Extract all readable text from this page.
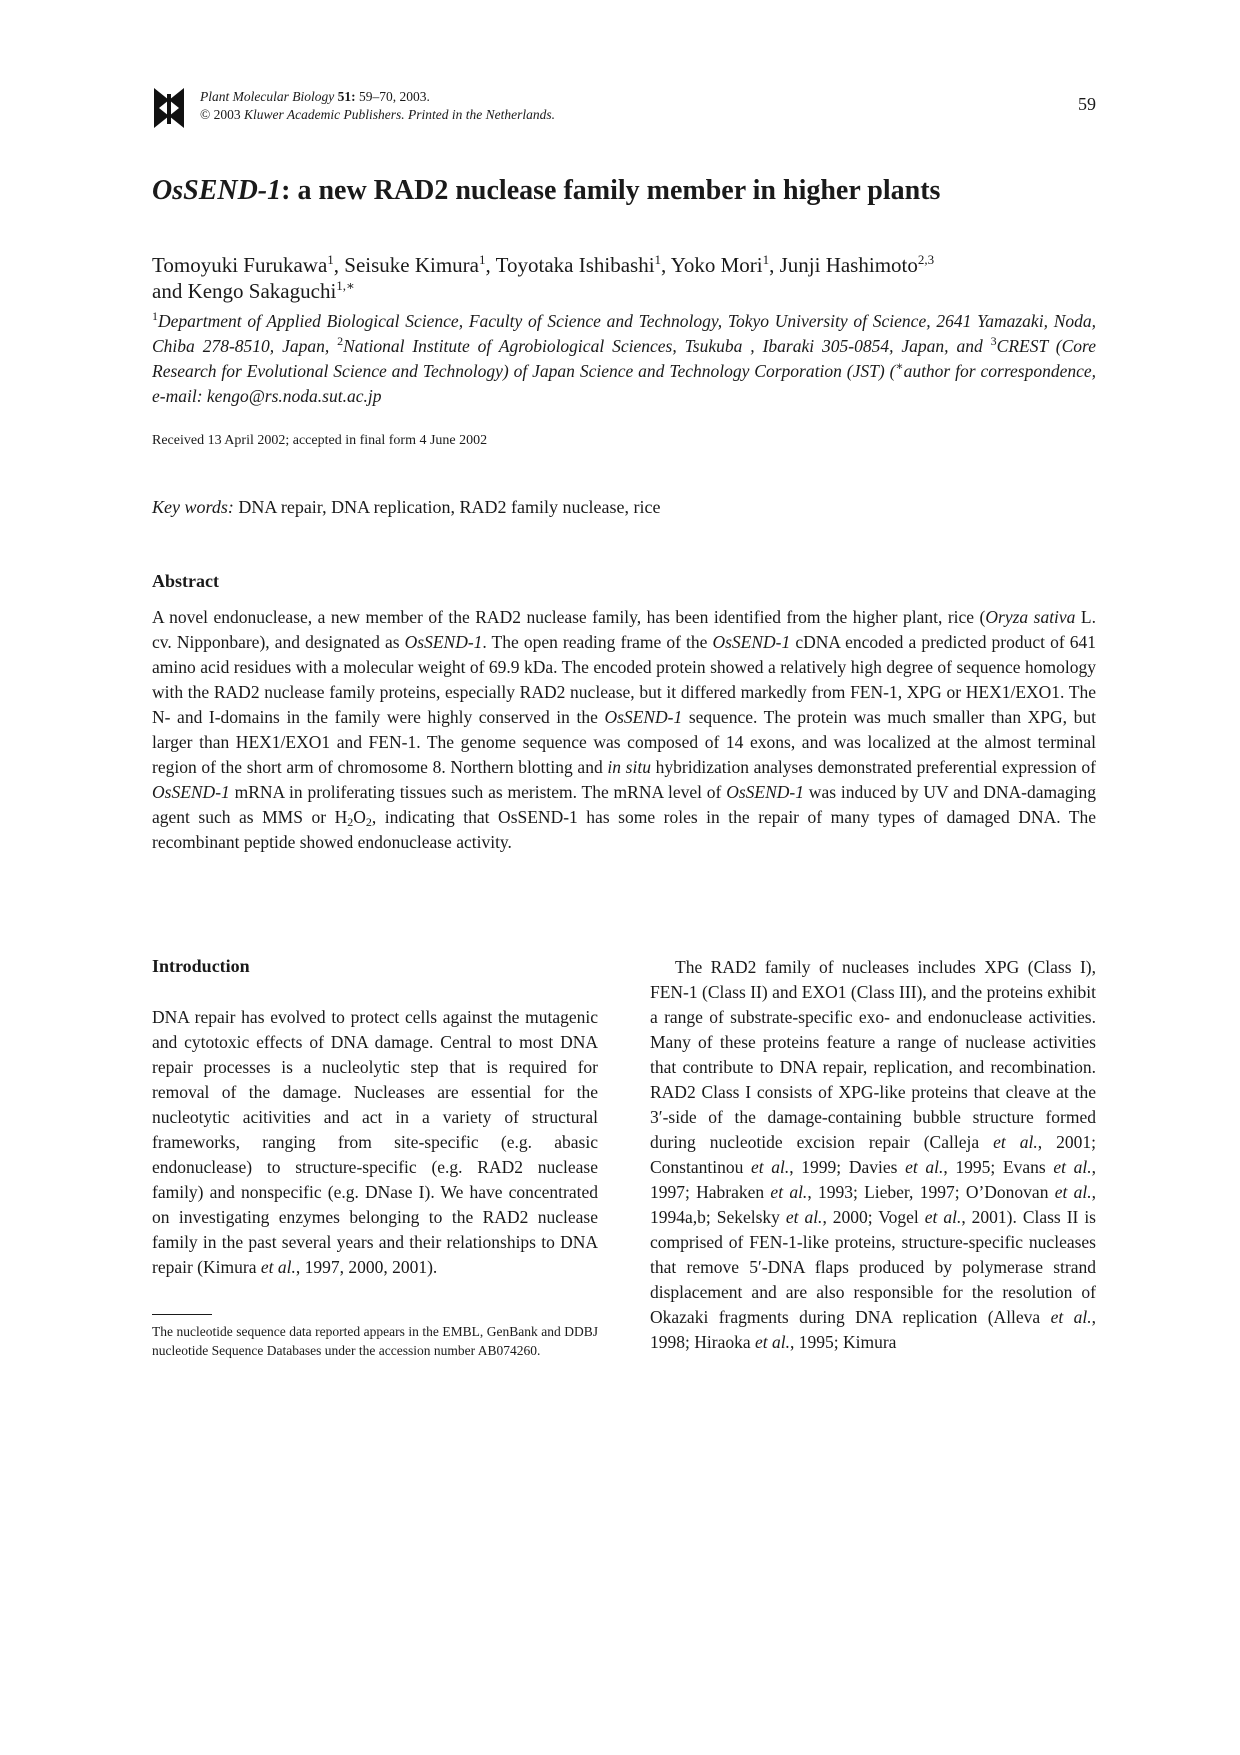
Plant Molecular Biology 51: 59–70, 2003.
© 2003 Kluwer Academic Publishers. Printed in the Netherlands.
59
OsSEND-1: a new RAD2 nuclease family member in higher plants
Tomoyuki Furukawa$^1$, Seisuke Kimura$^1$, Toyotaka Ishibashi$^1$, Yoko Mori$^1$, Junji Hashimoto$^{2,3}$
and Kengo Sakaguchi$^{1,∗}$
$^1$Department of Applied Biological Science, Faculty of Science and Technology, Tokyo University of Science, 2641 Yamazaki, Noda, Chiba 278-8510, Japan, $^2$National Institute of Agrobiological Sciences, Tsukuba , Ibaraki 305-0854, Japan, and $^3$CREST (Core Research for Evolutional Science and Technology) of Japan Science and Technology Corporation (JST) (∗author for correspondence, e-mail: kengo@rs.noda.sut.ac.jp
Received 13 April 2002; accepted in final form 4 June 2002
Key words: DNA repair, DNA replication, RAD2 family nuclease, rice
Abstract
A novel endonuclease, a new member of the RAD2 nuclease family, has been identified from the higher plant, rice (Oryza sativa L. cv. Nipponbare), and designated as OsSEND-1. The open reading frame of the OsSEND-1 cDNA encoded a predicted product of 641 amino acid residues with a molecular weight of 69.9 kDa. The encoded protein showed a relatively high degree of sequence homology with the RAD2 nuclease family proteins, especially RAD2 nuclease, but it differed markedly from FEN-1, XPG or HEX1/EXO1. The N- and I-domains in the family were highly conserved in the OsSEND-1 sequence. The protein was much smaller than XPG, but larger than HEX1/EXO1 and FEN-1. The genome sequence was composed of 14 exons, and was localized at the almost terminal region of the short arm of chromosome 8. Northern blotting and in situ hybridization analyses demonstrated preferential expression of OsSEND-1 mRNA in proliferating tissues such as meristem. The mRNA level of OsSEND-1 was induced by UV and DNA-damaging agent such as MMS or $H_2O_2$, indicating that OsSEND-1 has some roles in the repair of many types of damaged DNA. The recombinant peptide showed endonuclease activity.
Introduction
DNA repair has evolved to protect cells against the mutagenic and cytotoxic effects of DNA damage. Central to most DNA repair processes is a nucleolytic step that is required for removal of the damage. Nucleases are essential for the nucleotytic acitivities and act in a variety of structural frameworks, ranging from site-specific (e.g. abasic endonuclease) to structure-specific (e.g. RAD2 nuclease family) and nonspecific (e.g. DNase I). We have concentrated on investigating enzymes belonging to the RAD2 nuclease family in the past several years and their relationships to DNA repair (Kimura et al., 1997, 2000, 2001).
The nucleotide sequence data reported appears in the EMBL, GenBank and DDBJ nucleotide Sequence Databases under the accession number AB074260.
The RAD2 family of nucleases includes XPG (Class I), FEN-1 (Class II) and EXO1 (Class III), and the proteins exhibit a range of substrate-specific exo- and endonuclease activities. Many of these proteins feature a range of nuclease activities that contribute to DNA repair, replication, and recombination. RAD2 Class I consists of XPG-like proteins that cleave at the 3′-side of the damage-containing bubble structure formed during nucleotide excision repair (Calleja et al., 2001; Constantinou et al., 1999; Davies et al., 1995; Evans et al., 1997; Habraken et al., 1993; Lieber, 1997; O’Donovan et al., 1994a,b; Sekelsky et al., 2000; Vogel et al., 2001). Class II is comprised of FEN-1-like proteins, structure-specific nucleases that remove 5′-DNA flaps produced by polymerase strand displacement and are also responsible for the resolution of Okazaki fragments during DNA replication (Alleva et al., 1998; Hiraoka et al., 1995; Kimura
